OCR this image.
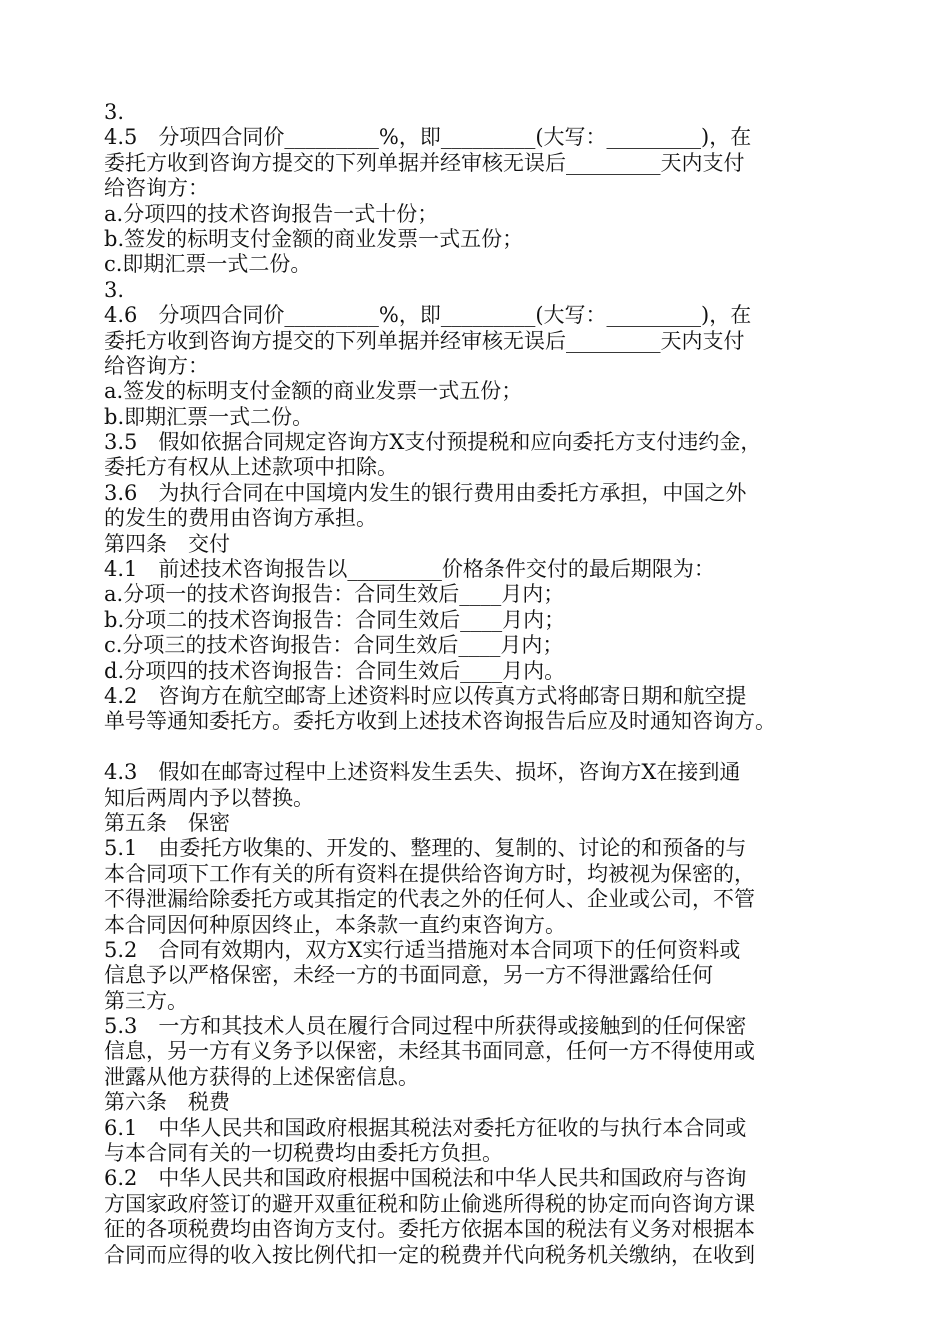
3.
4.5　分项四合同价_________%，即_________(大写：_________)，在
委托方收到咨询方提交的下列单据并经审核无误后_________天内支付
给咨询方：
a.分项四的技术咨询报告一式十份；
b.签发的标明支付金额的商业发票一式五份；
c.即期汇票一式二份。
3.
4.6　分项四合同价_________%，即_________(大写：_________)，在
委托方收到咨询方提交的下列单据并经审核无误后_________天内支付
给咨询方：
a.签发的标明支付金额的商业发票一式五份；
b.即期汇票一式二份。
3.5　假如依据合同规定咨询方X支付预提税和应向委托方支付违约金，
委托方有权从上述款项中扣除。
3.6　为执行合同在中国境内发生的银行费用由委托方承担，中国之外
的发生的费用由咨询方承担。
第四条　交付
4.1　前述技术咨询报告以_________价格条件交付的最后期限为：
a.分项一的技术咨询报告：合同生效后____月内；
b.分项二的技术咨询报告：合同生效后____月内；
c.分项三的技术咨询报告：合同生效后____月内；
d.分项四的技术咨询报告：合同生效后____月内。
4.2　咨询方在航空邮寄上述资料时应以传真方式将邮寄日期和航空提
单号等通知委托方。委托方收到上述技术咨询报告后应及时通知咨询方。
4.3　假如在邮寄过程中上述资料发生丢失、损坏，咨询方X在接到通
知后两周内予以替换。
第五条　保密
5.1　由委托方收集的、开发的、整理的、复制的、讨论的和预备的与
本合同项下工作有关的所有资料在提供给咨询方时，均被视为保密的，
不得泄漏给除委托方或其指定的代表之外的任何人、企业或公司，不管
本合同因何种原因终止，本条款一直约束咨询方。
5.2　合同有效期内，双方X实行适当措施对本合同项下的任何资料或
信息予以严格保密，未经一方的书面同意，另一方不得泄露给任何
第三方。
5.3　一方和其技术人员在履行合同过程中所获得或接触到的任何保密
信息，另一方有义务予以保密，未经其书面同意，任何一方不得使用或
泄露从他方获得的上述保密信息。
第六条　税费
6.1　中华人民共和国政府根据其税法对委托方征收的与执行本合同或
与本合同有关的一切税费均由委托方负担。
6.2　中华人民共和国政府根据中国税法和中华人民共和国政府与咨询
方国家政府签订的避开双重征税和防止偷逃所得税的协定而向咨询方课
征的各项税费均由咨询方支付。委托方依据本国的税法有义务对根据本
合同而应得的收入按比例代扣一定的税费并代向税务机关缴纳，在收到
